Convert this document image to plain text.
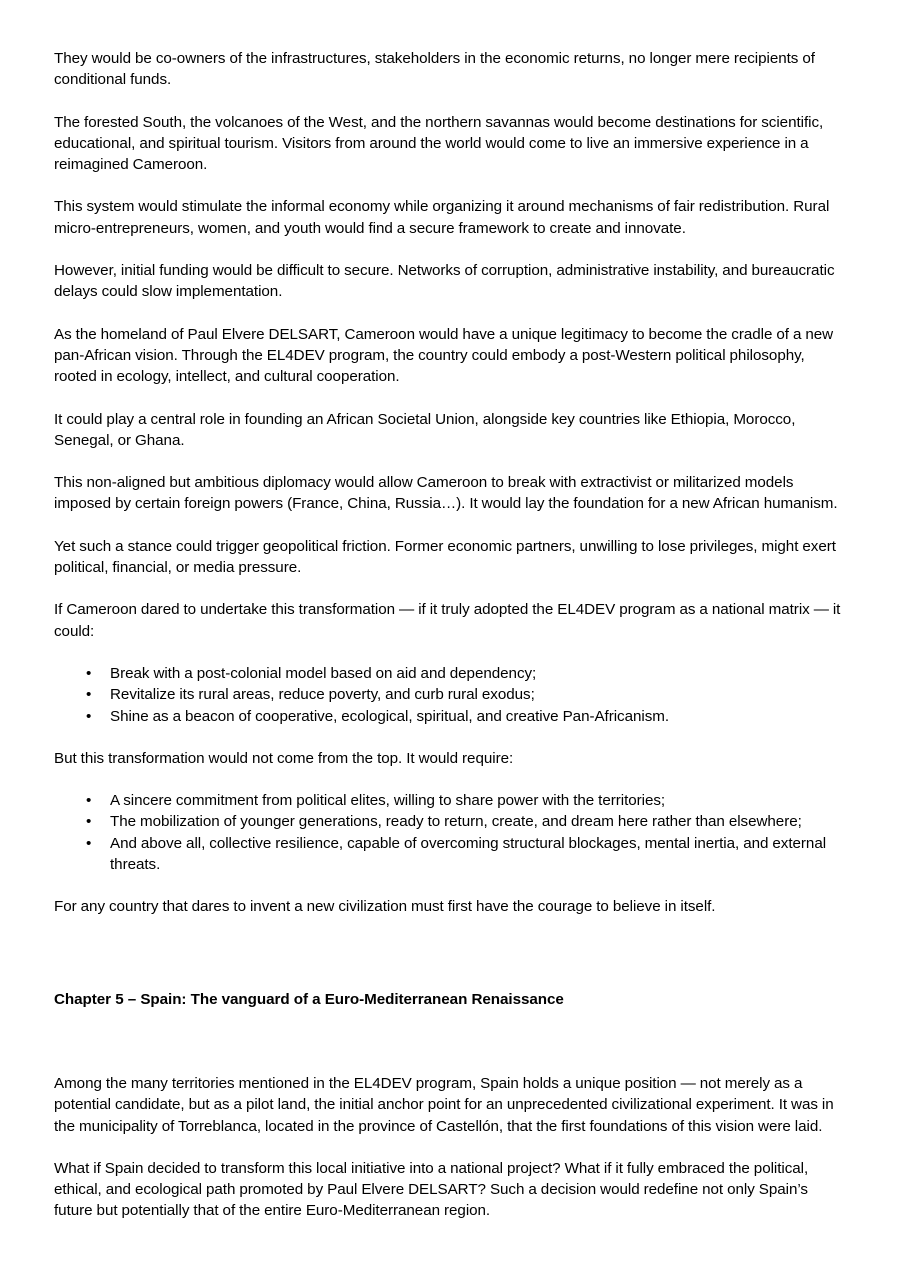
They would be co-owners of the infrastructures, stakeholders in the economic returns, no longer mere recipients of conditional funds.

The forested South, the volcanoes of the West, and the northern savannas would become destinations for scientific, educational, and spiritual tourism. Visitors from around the world would come to live an immersive experience in a reimagined Cameroon.

This system would stimulate the informal economy while organizing it around mechanisms of fair redistribution. Rural micro-entrepreneurs, women, and youth would find a secure framework to create and innovate.

However, initial funding would be difficult to secure. Networks of corruption, administrative instability, and bureaucratic delays could slow implementation.

As the homeland of Paul Elvere DELSART, Cameroon would have a unique legitimacy to become the cradle of a new pan-African vision. Through the EL4DEV program, the country could embody a post-Western political philosophy, rooted in ecology, intellect, and cultural cooperation.

It could play a central role in founding an African Societal Union, alongside key countries like Ethiopia, Morocco, Senegal, or Ghana.

This non-aligned but ambitious diplomacy would allow Cameroon to break with extractivist or militarized models imposed by certain foreign powers (France, China, Russia…). It would lay the foundation for a new African humanism.

Yet such a stance could trigger geopolitical friction. Former economic partners, unwilling to lose privileges, might exert political, financial, or media pressure.

If Cameroon dared to undertake this transformation — if it truly adopted the EL4DEV program as a national matrix — it could:

• Break with a post-colonial model based on aid and dependency;
• Revitalize its rural areas, reduce poverty, and curb rural exodus;
• Shine as a beacon of cooperative, ecological, spiritual, and creative Pan-Africanism.

But this transformation would not come from the top. It would require:

• A sincere commitment from political elites, willing to share power with the territories;
• The mobilization of younger generations, ready to return, create, and dream here rather than elsewhere;
• And above all, collective resilience, capable of overcoming structural blockages, mental inertia, and external threats.

For any country that dares to invent a new civilization must first have the courage to believe in itself.

Chapter 5 – Spain: The vanguard of a Euro-Mediterranean Renaissance

Among the many territories mentioned in the EL4DEV program, Spain holds a unique position — not merely as a potential candidate, but as a pilot land, the initial anchor point for an unprecedented civilizational experiment. It was in the municipality of Torreblanca, located in the province of Castellón, that the first foundations of this vision were laid.

What if Spain decided to transform this local initiative into a national project? What if it fully embraced the political, ethical, and ecological path promoted by Paul Elvere DELSART? Such a decision would redefine not only Spain’s future but potentially that of the entire Euro-Mediterranean region.
